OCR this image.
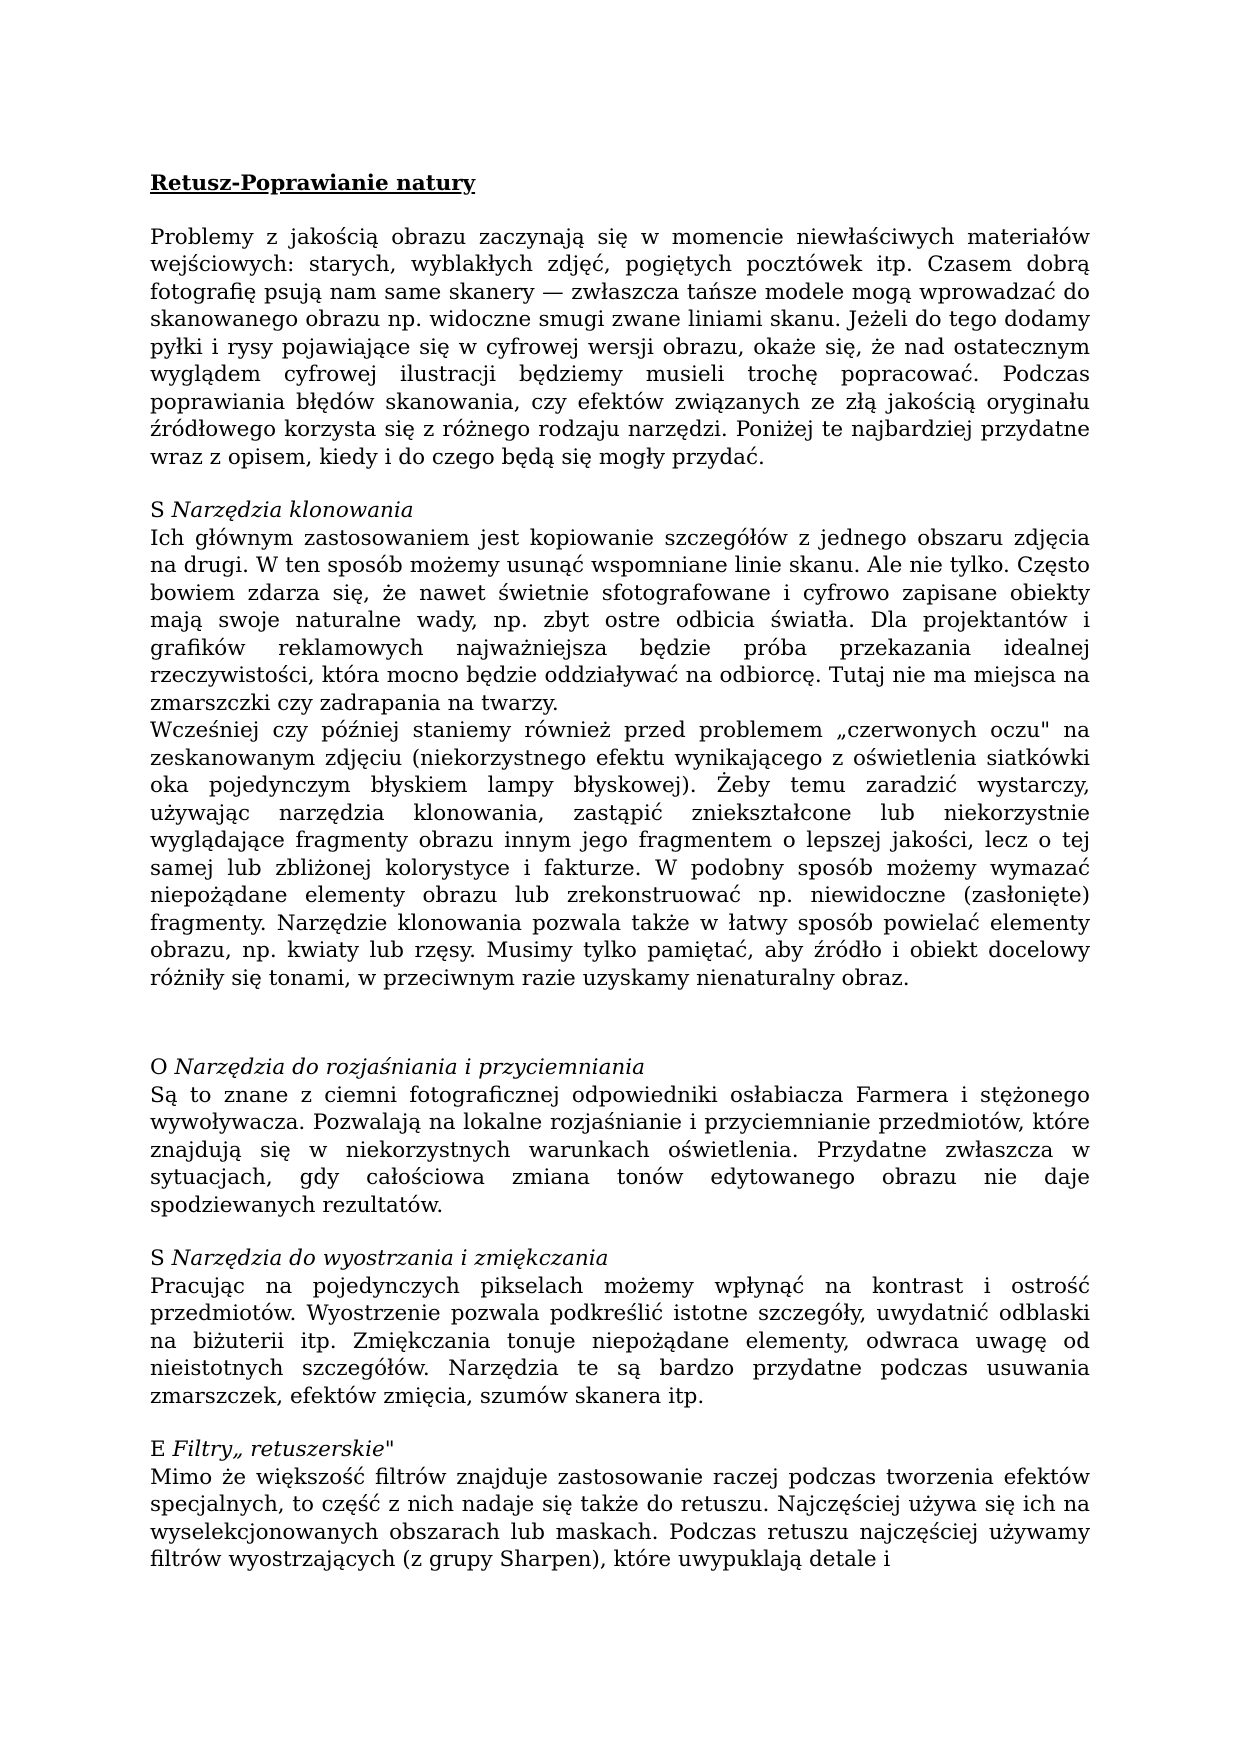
Retusz-Poprawianie natury

Problemy z jakością obrazu zaczynają się w momencie niewłaściwych materiałów wejściowych: starych, wyblakłych zdjęć, pogiętych pocztówek itp. Czasem dobrą fotografię psują nam same skanery — zwłaszcza tańsze modele mogą wprowadzać do skanowanego obrazu np. widoczne smugi zwane liniami skanu. Jeżeli do tego dodamy pyłki i rysy pojawiające się w cyfrowej wersji obrazu, okaże się, że nad ostatecznym wyglądem cyfrowej ilustracji będziemy musieli trochę popracować. Podczas poprawiania błędów skanowania, czy efektów związanych ze złą jakością oryginału źródłowego korzysta się z różnego rodzaju narzędzi. Poniżej te najbardziej przydatne wraz z opisem, kiedy i do czego będą się mogły przydać.

S Narzędzia klonowania

Ich głównym zastosowaniem jest kopiowanie szczegółów z jednego obszaru zdjęcia na drugi. W ten sposób możemy usunąć wspomniane linie skanu. Ale nie tylko. Często bowiem zdarza się, że nawet świetnie sfotografowane i cyfrowo zapisane obiekty mają swoje naturalne wady, np. zbyt ostre odbicia światła. Dla projektantów i grafików reklamowych najważniejsza będzie próba przekazania idealnej rzeczywistości, która mocno będzie oddziaływać na odbiorcę. Tutaj nie ma miejsca na zmarszczki czy zadrapania na twarzy.

Wcześniej czy później staniemy również przed problemem „czerwonych oczu" na zeskanowanym zdjęciu (niekorzystnego efektu wynikającego z oświetlenia siatkówki oka pojedynczym błyskiem lampy błyskowej). Żeby temu zaradzić wystarczy, używając narzędzia klonowania, zastąpić zniekształcone lub niekorzystnie wyglądające fragmenty obrazu innym jego fragmentem o lepszej jakości, lecz o tej samej lub zbliżonej kolorystyce i fakturze. W podobny sposób możemy wymazać niepożądane elementy obrazu lub zrekonstruować np. niewidoczne (zasłonięte) fragmenty. Narzędzie klonowania pozwala także w łatwy sposób powielać elementy obrazu, np. kwiaty lub rzęsy. Musimy tylko pamiętać, aby źródło i obiekt docelowy różniły się tonami, w przeciwnym razie uzyskamy nienaturalny obraz.

O Narzędzia do rozjaśniania i przyciemniania

Są to znane z ciemni fotograficznej odpowiedniki osłabiacza Farmera i stężonego wywoływacza. Pozwalają na lokalne rozjaśnianie i przyciemnianie przedmiotów, które znajdują się w niekorzystnych warunkach oświetlenia. Przydatne zwłaszcza w sytuacjach, gdy całościowa zmiana tonów edytowanego obrazu nie daje spodziewanych rezultatów.

S Narzędzia do wyostrzania i zmiękczania

Pracując na pojedynczych pikselach możemy wpłynąć na kontrast i ostrość przedmiotów. Wyostrzenie pozwala podkreślić istotne szczegóły, uwydatnić odblaski na biżuterii itp. Zmiękczania tonuje niepożądane elementy, odwraca uwagę od nieistotnych szczegółów. Narzędzia te są bardzo przydatne podczas usuwania zmarszczek, efektów zmięcia, szumów skanera itp.

E Filtry„ retuszerskie"

Mimo że większość filtrów znajduje zastosowanie raczej podczas tworzenia efektów specjalnych, to część z nich nadaje się także do retuszu. Najczęściej używa się ich na wyselekcjonowanych obszarach lub maskach. Podczas retuszu najczęściej używamy filtrów wyostrzających (z grupy Sharpen), które uwypuklają detale i
